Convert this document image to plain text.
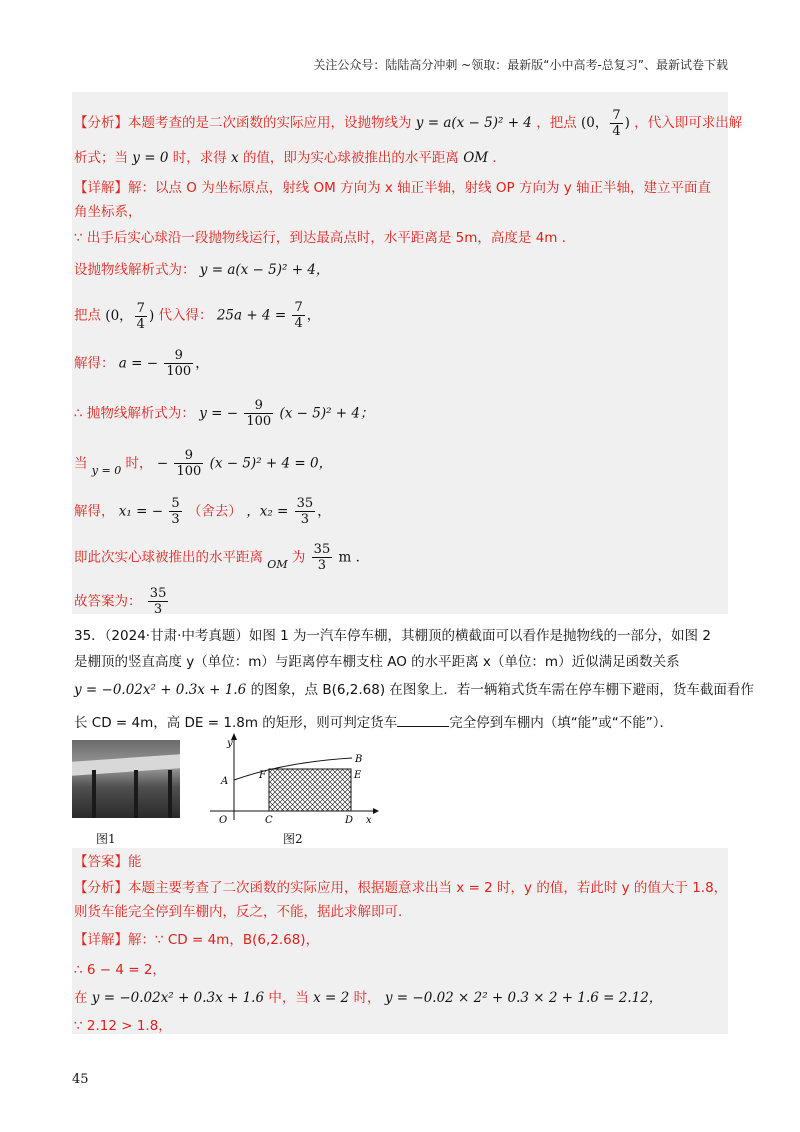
关注公众号：陆陆高分冲刺 ~领取：最新版“小中高考-总复习”、最新试卷下载
【分析】本题考查的是二次函数的实际应用，设抛物线为 y = a(x − 5)² + 4 ，把点 (0， $\frac{7}{4}$ ) ，代入即可求出解
析式；当 y = 0 时，求得 x 的值，即为实心球被推出的水平距离 OM ．
【详解】解：以点 O 为坐标原点，射线 OM 方向为 x 轴正半轴，射线 OP 方向为 y 轴正半轴，建立平面直
角坐标系，
∵ 出手后实心球沿一段抛物线运行，到达最高点时，水平距离是 5m，高度是 4m ．
设抛物线解析式为： y = a(x − 5)² + 4，
把点 (0， $\frac{7}{4}$ ) 代入得： $25a + 4 = \frac{7}{4}$ ，
解得： a = − $\frac{9}{100}$ ，
∴ 抛物线解析式为： y = − $\frac{9}{100} (x - 5)^2 + 4$；
当 $_{y = 0}$ 时， − $\frac{9}{100} (x - 5)^2 + 4 = 0$，
解得， x₁ = − $\frac{5}{3}$ （舍去） ，$x_2 = \frac{35}{3}$ ，
即此次实心球被推出的水平距离 $_{OM}$ 为 $\frac{35}{3}$ m ．
故答案为： $\frac{35}{3}$
35．（2024·甘肃·中考真题）如图 1 为一汽车停车棚，其棚顶的横截面可以看作是抛物线的一部分，如图 2
是棚顶的竖直高度 y（单位：m）与距离停车棚支柱 AO 的水平距离 x（单位：m）近似满足函数关系
y = −0.02x² + 0.3x + 1.6 的图象，点 B(6,2.68) 在图象上．若一辆箱式货车需在停车棚下避雨，货车截面看作
长 CD = 4m，高 DE = 1.8m 的矩形，则可判定货车	完全停到车棚内（填“能”或“不能”）．
图1
y
x
A
B
F	E
O	C	D
图2
【答案】能
【分析】本题主要考查了二次函数的实际应用，根据题意求出当 x = 2 时，y 的值，若此时 y 的值大于 1.8，
则货车能完全停到车棚内，反之，不能，据此求解即可．
【详解】解：∵ CD = 4m，B(6,2.68)，
∴ 6 − 4 = 2，
在 y = −0.02x² + 0.3x + 1.6 中，当 x = 2 时， y = −0.02 × 2² + 0.3 × 2 + 1.6 = 2.12，
∵ 2.12 > 1.8，
45
